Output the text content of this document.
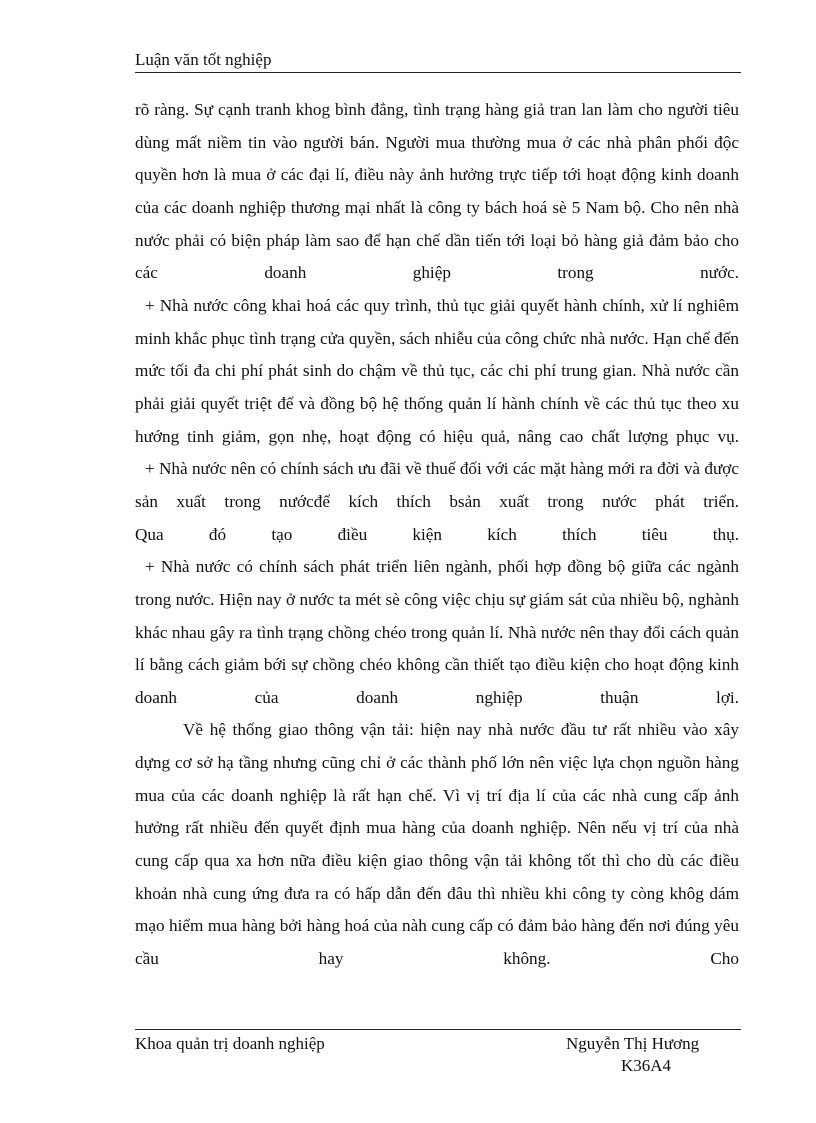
Luận văn tốt nghiệp

rõ ràng. Sự cạnh tranh khog bình đẳng, tình trạng hàng giả tran lan làm cho người tiêu dùng mất niềm tin vào người bán. Người mua thường mua ở các nhà phân phối độc quyền hơn là mua ở các đại lí, điều này ảnh hưởng trực tiếp tới hoạt động kinh doanh của các doanh nghiệp thương mại nhất là công ty bách hoá sè 5 Nam bộ. Cho nên nhà nước phải có biện pháp làm sao để hạn chế dần tiến tới loại bỏ hàng giả đảm bảo cho các doanh ghiệp trong nước.

+ Nhà nước công khai hoá các quy trình, thủ tục giải quyết hành chính, xử lí nghiêm minh khắc phục tình trạng cửa quyền, sách nhiễu của công chức nhà nước. Hạn chế đến mức tối đa chi phí phát sinh do chậm về thủ tục, các chi phí trung gian. Nhà nước cần phải giải quyết triệt để và đồng bộ hệ thống quản lí hành chính về các thủ tục theo xu hướng tinh giảm, gọn nhẹ, hoạt động có hiệu quả, nâng cao chất lượng phục vụ.

+ Nhà nước nên có chính sách ưu đãi về thuế đối với các mặt hàng mới ra đời và được sản xuất trong nướcđể kích thích bsản xuất trong nước phát triển.

Qua đó tạo điều kiện kích thích tiêu thụ.

+ Nhà nước có chính sách phát triển liên ngành, phối hợp đồng bộ giữa các ngành trong nước. Hiện nay ở nước ta mét sè công việc chịu sự giám sát của nhiều bộ, nghành khác nhau gây ra tình trạng chồng chéo trong quản lí. Nhà nước nên thay đổi cách quản lí bằng cách giảm bới sự chồng chéo không cần thiết tạo điều kiện cho hoạt động kinh doanh của doanh nghiệp thuận lợi.

Về hệ thống giao thông vận tải: hiện nay nhà nước đầu tư rất nhiều vào xây dựng cơ sở hạ tầng nhưng cũng chỉ ở các thành phố lớn nên việc lựa chọn nguồn hàng mua của các doanh nghiệp là rất hạn chế. Vì vị trí địa lí của các nhà cung cấp ảnh hưởng rất nhiều đến quyết định mua hàng của doanh nghiệp. Nên nếu vị trí của nhà cung cấp qua xa hơn nữa điều kiện giao thông vận tải không tốt thì cho dù các điều khoản nhà cung ứng đưa ra có hấp dẫn đến đâu thì nhiều khi công ty còng khôg dám mạo hiểm mua hàng bởi hàng hoá của nàh cung cấp có đảm bảo hàng đến nơi đúng yêu cầu hay không. Cho

Khoa quản trị doanh nghiệp	Nguyễn Thị Hương
K36A4
